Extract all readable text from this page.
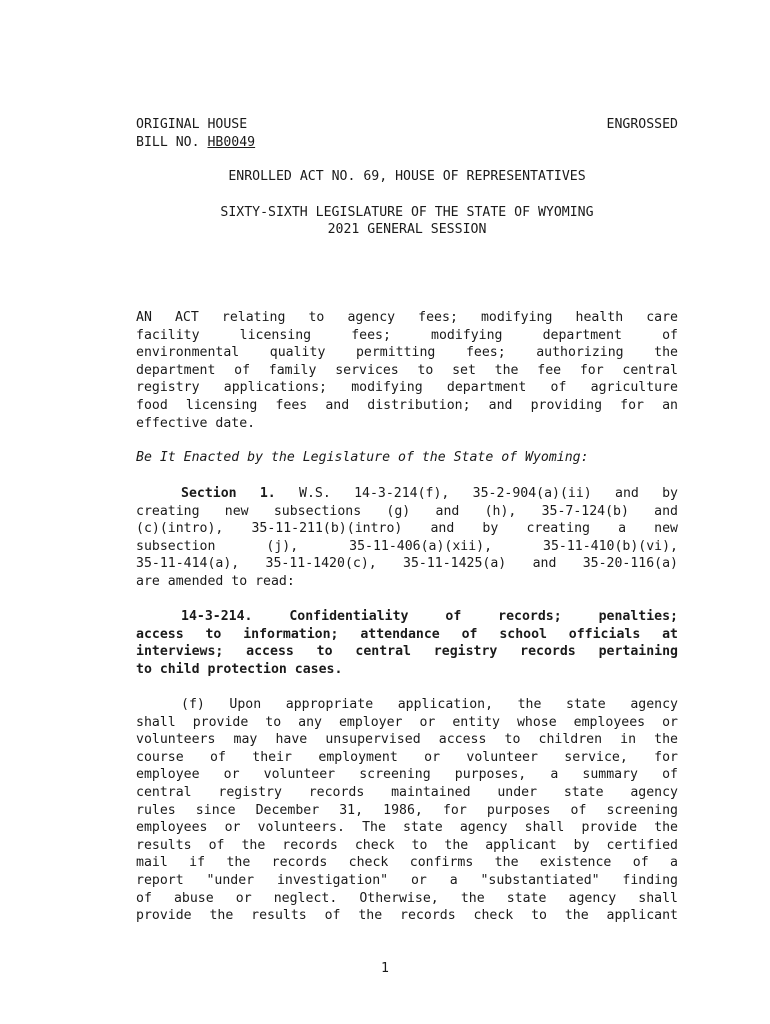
ORIGINAL HOUSE
BILL NO. HB0049
ENGROSSED
ENROLLED ACT NO. 69, HOUSE OF REPRESENTATIVES
SIXTY-SIXTH LEGISLATURE OF THE STATE OF WYOMING
2021 GENERAL SESSION
AN ACT relating to agency fees; modifying health care
facility licensing fees; modifying department of
environmental quality permitting fees; authorizing the
department of family services to set the fee for central
registry applications; modifying department of agriculture
food licensing fees and distribution; and providing for an
effective date.
Be It Enacted by the Legislature of the State of Wyoming:
Section 1. W.S. 14-3-214(f), 35-2-904(a)(ii) and by
creating new subsections (g) and (h), 35-7-124(b) and
(c)(intro), 35-11-211(b)(intro) and by creating a new
subsection (j), 35-11-406(a)(xii), 35-11-410(b)(vi),
35-11-414(a), 35-11-1420(c), 35-11-1425(a) and 35-20-116(a)
are amended to read:
14-3-214. Confidentiality of records; penalties;
access to information; attendance of school officials at
interviews; access to central registry records pertaining
to child protection cases.
(f) Upon appropriate application, the state agency
shall provide to any employer or entity whose employees or
volunteers may have unsupervised access to children in the
course of their employment or volunteer service, for
employee or volunteer screening purposes, a summary of
central registry records maintained under state agency
rules since December 31, 1986, for purposes of screening
employees or volunteers. The state agency shall provide the
results of the records check to the applicant by certified
mail if the records check confirms the existence of a
report "under investigation" or a "substantiated" finding
of abuse or neglect. Otherwise, the state agency shall
provide the results of the records check to the applicant
1
